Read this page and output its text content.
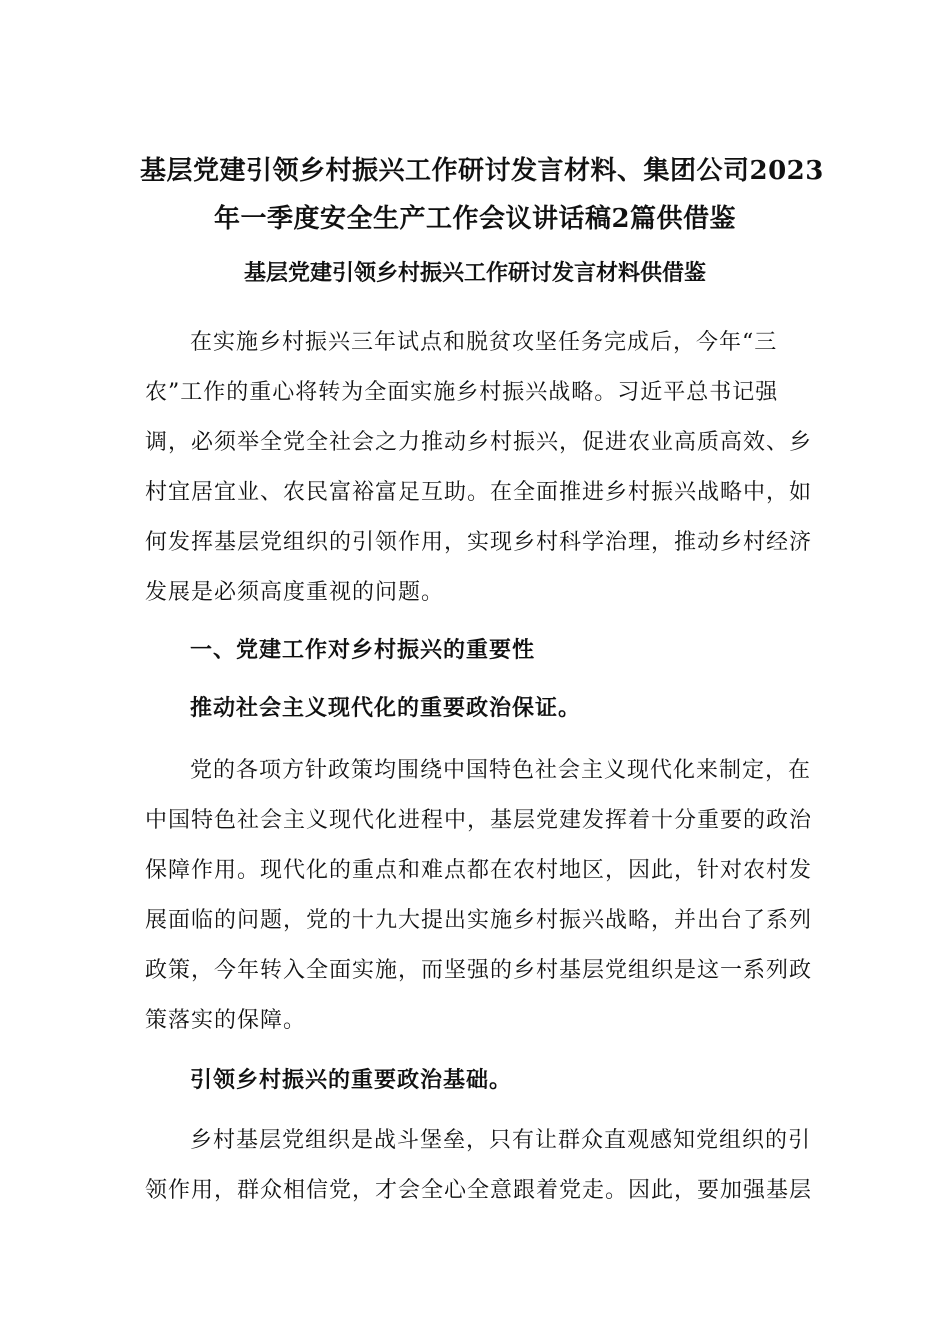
基层党建引领乡村振兴工作研讨发言材料、集团公司2023
年一季度安全生产工作会议讲话稿2篇供借鉴
基层党建引领乡村振兴工作研讨发言材料供借鉴
在实施乡村振兴三年试点和脱贫攻坚任务完成后，今年“三
农”工作的重心将转为全面实施乡村振兴战略。习近平总书记强
调，必须举全党全社会之力推动乡村振兴，促进农业高质高效、乡
村宜居宜业、农民富裕富足互助。在全面推进乡村振兴战略中，如
何发挥基层党组织的引领作用，实现乡村科学治理，推动乡村经济
发展是必须高度重视的问题。
一、党建工作对乡村振兴的重要性
推动社会主义现代化的重要政治保证。
党的各项方针政策均围绕中国特色社会主义现代化来制定，在
中国特色社会主义现代化进程中，基层党建发挥着十分重要的政治
保障作用。现代化的重点和难点都在农村地区，因此，针对农村发
展面临的问题，党的十九大提出实施乡村振兴战略，并出台了系列
政策，今年转入全面实施，而坚强的乡村基层党组织是这一系列政
策落实的保障。
引领乡村振兴的重要政治基础。
乡村基层党组织是战斗堡垒，只有让群众直观感知党组织的引
领作用，群众相信党，才会全心全意跟着党走。因此，要加强基层
